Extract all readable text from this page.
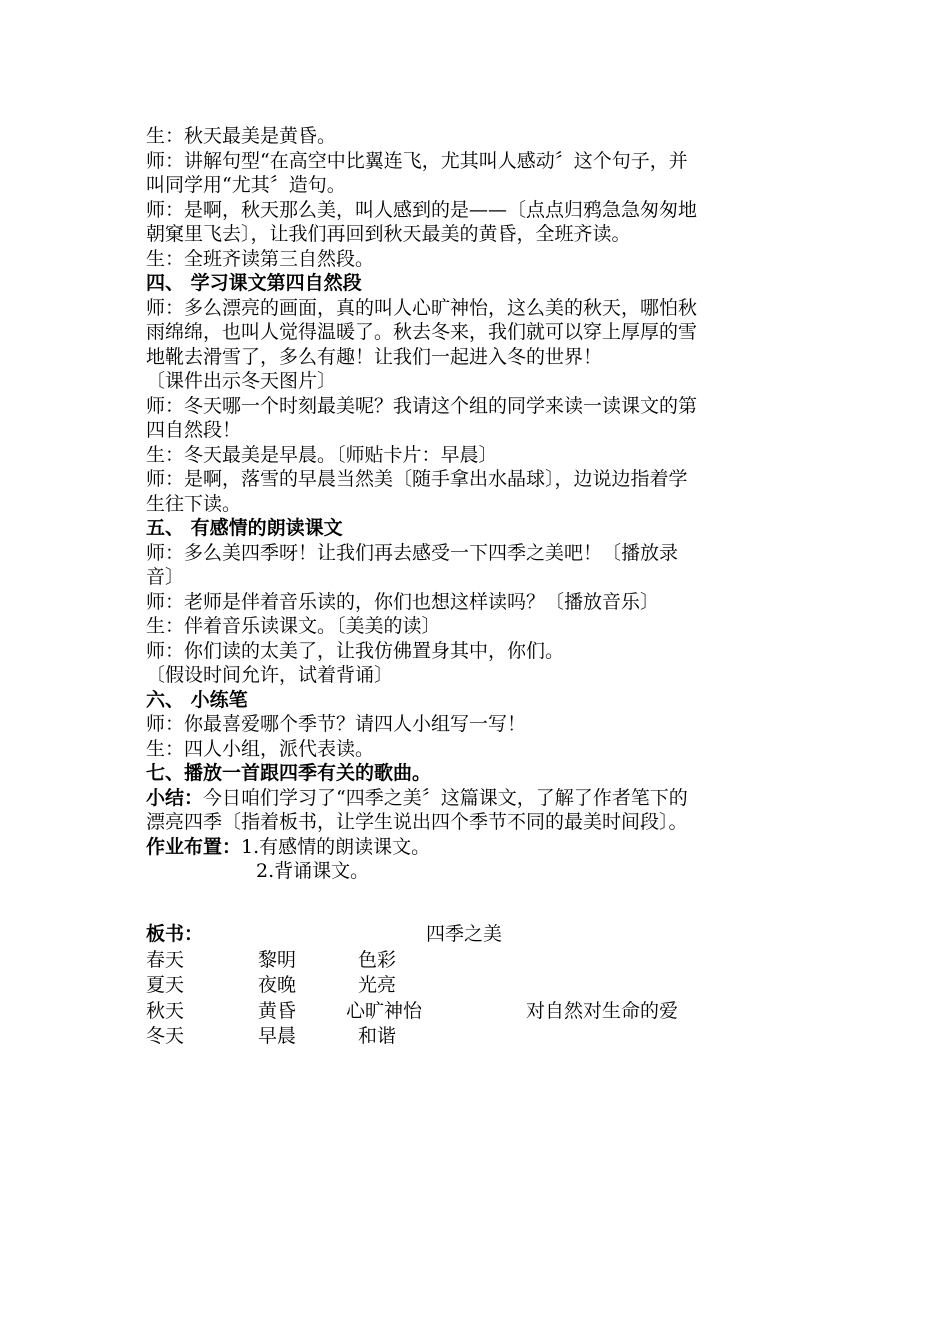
生：秋天最美是黄昏。

师：讲解句型“在高空中比翼连飞，尤其叫人感动〞这个句子，并

叫同学用“尤其〞造句。

师：是啊，秋天那么美，叫人感到的是——〔点点归鸦急急匆匆地

朝窠里飞去〕，让我们再回到秋天最美的黄昏，全班齐读。

生：全班齐读第三自然段。

四、 学习课文第四自然段

师：多么漂亮的画面，真的叫人心旷神怡，这么美的秋天，哪怕秋

雨绵绵，也叫人觉得温暖了。秋去冬来，我们就可以穿上厚厚的雪

地靴去滑雪了，多么有趣！让我们一起进入冬的世界！

〔课件出示冬天图片〕

师：冬天哪一个时刻最美呢？我请这个组的同学来读一读课文的第

四自然段！

生：冬天最美是早晨。〔师贴卡片：早晨〕

师：是啊，落雪的早晨当然美〔随手拿出水晶球〕，边说边指着学

生往下读。

五、 有感情的朗读课文

师：多么美四季呀！让我们再去感受一下四季之美吧！〔播放录

音〕

师：老师是伴着音乐读的，你们也想这样读吗？〔播放音乐〕

生：伴着音乐读课文。〔美美的读〕

师：你们读的太美了，让我仿佛置身其中，你们。

〔假设时间允许，试着背诵〕

六、 小练笔

师：你最喜爱哪个季节？请四人小组写一写！

生：四人小组，派代表读。

七、播放一首跟四季有关的歌曲。

小结：今日咱们学习了“四季之美〞这篇课文，了解了作者笔下的

漂亮四季〔指着板书，让学生说出四个季节不同的最美时间段〕。

作业布置：1.有感情的朗读课文。

2.背诵课文。

板书：	四季之美
春天	黎明	色彩
夏天	夜晚	光亮
秋天	黄昏	心旷神怡	对自然对生命的爱
冬天	早晨	和谐
